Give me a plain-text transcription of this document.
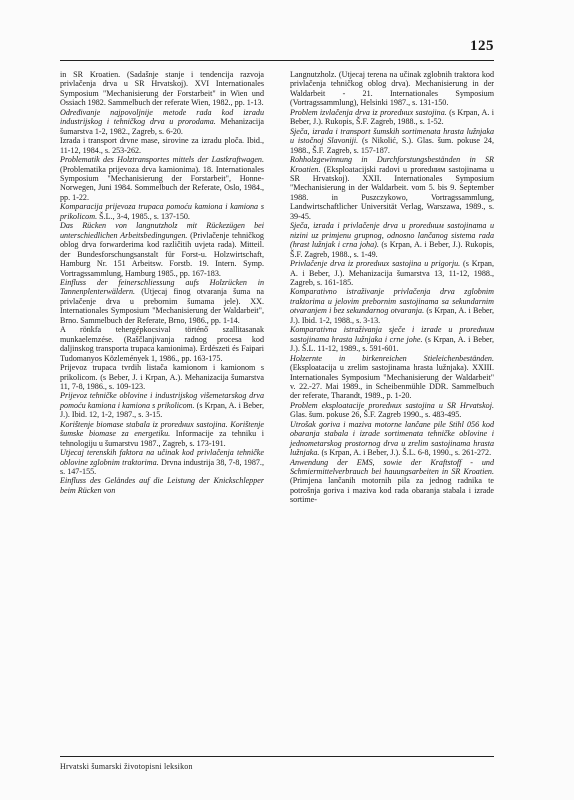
125

in SR Kroatien. (Sadašnje stanje i tendencija razvoja privlačenja drva u SR Hrvatskoj). XVI Internationales Symposium "Mechanisierung der Forstarbeit" in Wien und Ossiach 1982. Sammelbuch der referate Wien, 1982., pp. 1-13.

Određivanje najpovoljnije metode rada kod izradu industrijskog i tehničkog drva u prorodama. Mehanizacija šumarstva 1-2, 1982., Zagreb, s. 6-20.

Izrada i transport drvne mase, sirovine za izradu ploča. Ibid., 11-12, 1984., s. 253-262.

Problematik des Holztransportes mittels der Lastkraftwagen. (Problematika prijevoza drva kamionima). 18. Internationales Symposium "Mechanisierung der Forstarbeit", Honne-Norwegen, Juni 1984. Sommelbuch der Referate, Oslo, 1984., pp. 1-22.

Komparacija prijevoza trupaca pomoću kamiona i kamiona s prikolicom. Š.L., 3-4, 1985., s. 137-150.

Das Rücken von langnutzholz mit Rückezügen bei unterschiedlichen Arbeitsbedingungen. (Privlačenje tehničkog oblog drva forwarderima kod različitih uvjeta rada). Mitteil. der Bundesforschungsanstalt für Forst-u. Holzwirtschaft, Hamburg Nr. 151 Arbeitsw. Forstb. 19. Intern. Symp. Vortragssammlung, Hamburg 1985., pp. 167-183.

Einfluss der feinerschliessung aufs Holzrücken in Tannenplenterwäldern. (Utjecaj finog otvaranja šuma na privlačenje drva u prebornim šumama jele). XX. Internationales Symposium "Mechanisierung der Waldarbeit", Brno. Sammelbuch der Referate, Brno, 1986., pp. 1-14.

A rönkfa tehergépkocsival történő szallitasanak munkaelemzése. (Raščlanjivanja radnog procesa kod daljinskog transporta trupaca kamionima). Erdészeti és Faipari Tudomanyos Közlemények 1, 1986., pp. 163-175.

Prijevoz trupaca tvrdih listača kamionom i kamionom s prikolicom. (s Beber, J. i Krpan, A.). Mehanizacija šumarstva 11, 7-8, 1986., s. 109-123.

Prijevoz tehničke oblovine i industrijskog višemetarskog drva pomoću kamiona i kamiona s prikolicom. (s Krpan, A. i Beber, J.). Ibid. 12, 1-2, 1987., s. 3-15.

Korištenje biomase stabala iz proredних sastojina. Korištenje šumske biomase za energetiku. Informacije za tehniku i tehnologiju u šumarstvu 1987., Zagreb, s. 173-191.

Utjecaj terenskih faktora na učinak kod privlačenja tehničke oblovine zglobnim traktorima. Drvna industrija 38, 7-8, 1987., s. 147-155.

Einfluss des Geländes auf die Leistung der Knickschlepper beim Rücken von

Langnutzholz. (Utjecaj terena na učinak zglobnih traktora kod privlačenja tehničkog oblog drva). Mechanisierung in der Waldarbeit - 21. Internationales Symposium (Vortragssammlung), Helsinki 1987., s. 131-150.

Problem izvlačenja drva iz proredних sastojina. (s Krpan, A. i Beber, J.). Rukopis, Š.F. Zagreb, 1988., s. 1-52.

Sječa, izrada i transport šumskih sortimenata hrasta lužnjaka u istočnoj Slavoniji. (s Nikolić, S.). Glas. šum. pokuse 24, 1988., Š.F. Zagreb, s. 157-187.

Rohholzgewinnung in Durchforstungsbeständen in SR Kroatien. (Eksploatacijski radovi u proredним sastojinama u SR Hrvatskoj). XXII. Internationales Symposium "Mechanisierung in der Waldarbeit. vom 5. bis 9. September 1988. in Puszczykowo, Vortragssammlung, Landwirtschaftlicher Universität Verlag, Warszawa, 1989., s. 39-45.

Sječa, izrada i privlačenje drva u proredним sastojinama u nizini uz primjenu grupnog, odnosno lančanog sistema rada (hrast lužnjak i crna joha). (s Krpan, A. i Beber, J.). Rukopis, Š.F. Zagreb, 1988., s. 1-49.

Privlačenje drva iz proredних sastojina u prigorju. (s Krpan, A. i Beber, J.). Mehanizacija šumarstva 13, 11-12, 1988., Zagreb, s. 161-185.

Komparativno istraživanje privlačenja drva zglobnim traktorima u jelovim prebornim sastojinama sa sekundarnim otvaranjem i bez sekundarnog otvaranja. (s Krpan, A. i Beber, J.). Ibid. 1-2, 1988., s. 3-13.

Komparativna istraživanja sječe i izrade u proredним sastojinama hrasta lužnjaka i crne johe. (s Krpan, A. i Beber, J.). Š.L. 11-12, 1989., s. 591-601.

Holzernte in birkenreichen Stieleichenbeständen. (Eksploatacija u zrelim sastojinama hrasta lužnjaka). XXIII. Internationales Symposium "Mechanisierung der Waldarbeit" v. 22.-27. Mai 1989., in Scheibenmühle DDR. Sammelbuch der referate, Tharandt, 1989., p. 1-20.

Problem eksploatacije proredних sastojina u SR Hrvatskoj. Glas. šum. pokuse 26, Š.F. Zagreb 1990., s. 483-495.

Utrošak goriva i maziva motorne lančane pile Stihl 056 kod obaranja stabala i izrade sortimenata tehničke oblovine i jednometarskog prostornog drva u zrelim sastojinama hrasta lužnjaka. (s Krpan, A. i Beber, J.). Š.L. 6-8, 1990., s. 261-272.

Anwendung der EMS, sowie der Kraftstoff - und Schmiermittelverbrauch bei hauungsarbeiten in SR Kroatien. (Primjena lančanih motornih pila za jednog radnika te potrošnja goriva i maziva kod rada obaranja stabala i izrade sortime-

Hrvatski šumarski životopisni leksikon
